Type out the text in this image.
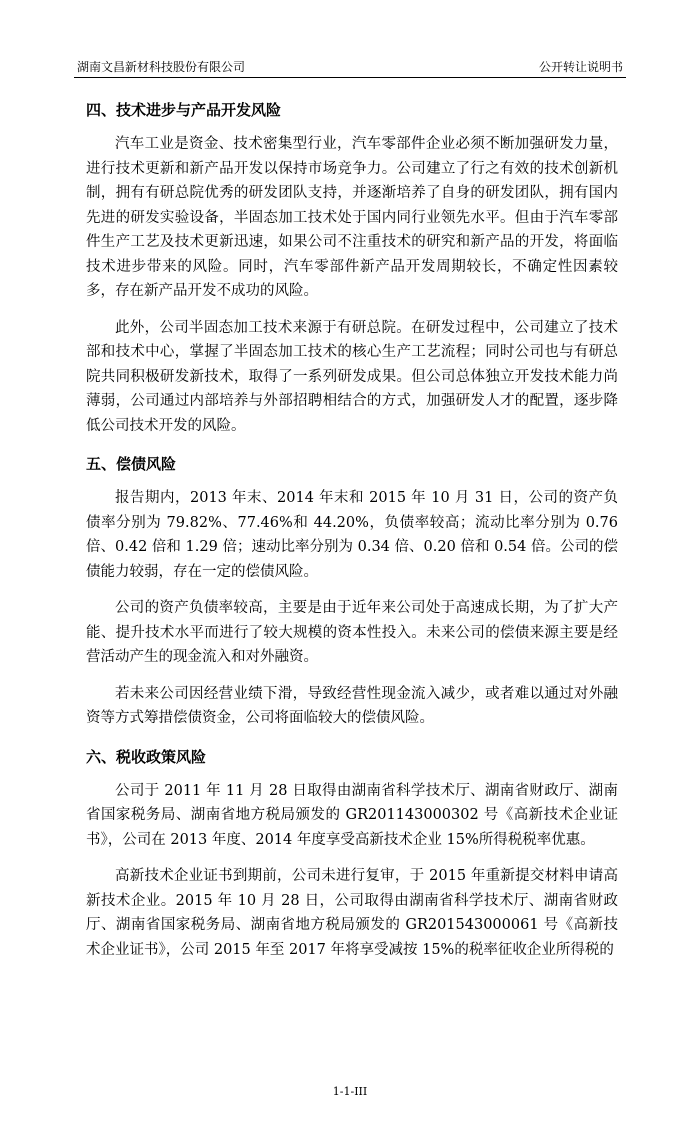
湖南文昌新材科技股份有限公司	公开转让说明书
四、技术进步与产品开发风险

汽车工业是资金、技术密集型行业，汽车零部件企业必须不断加强研发力量，进行技术更新和新产品开发以保持市场竞争力。公司建立了行之有效的技术创新机制，拥有有研总院优秀的研发团队支持，并逐渐培养了自身的研发团队，拥有国内先进的研发实验设备，半固态加工技术处于国内同行业领先水平。但由于汽车零部件生产工艺及技术更新迅速，如果公司不注重技术的研究和新产品的开发，将面临技术进步带来的风险。同时，汽车零部件新产品开发周期较长，不确定性因素较多，存在新产品开发不成功的风险。

此外，公司半固态加工技术来源于有研总院。在研发过程中，公司建立了技术部和技术中心，掌握了半固态加工技术的核心生产工艺流程；同时公司也与有研总院共同积极研发新技术，取得了一系列研发成果。但公司总体独立开发技术能力尚薄弱，公司通过内部培养与外部招聘相结合的方式，加强研发人才的配置，逐步降低公司技术开发的风险。

五、偿债风险

报告期内，2013 年末、2014 年末和 2015 年 10 月 31 日，公司的资产负债率分别为 79.82%、77.46%和 44.20%，负债率较高；流动比率分别为 0.76 倍、0.42 倍和 1.29 倍；速动比率分别为 0.34 倍、0.20 倍和 0.54 倍。公司的偿债能力较弱，存在一定的偿债风险。

公司的资产负债率较高，主要是由于近年来公司处于高速成长期，为了扩大产能、提升技术水平而进行了较大规模的资本性投入。未来公司的偿债来源主要是经营活动产生的现金流入和对外融资。

若未来公司因经营业绩下滑，导致经营性现金流入减少，或者难以通过对外融资等方式筹措偿债资金，公司将面临较大的偿债风险。

六、税收政策风险

公司于 2011 年 11 月 28 日取得由湖南省科学技术厅、湖南省财政厅、湖南省国家税务局、湖南省地方税局颁发的 GR201143000302 号《高新技术企业证书》，公司在 2013 年度、2014 年度享受高新技术企业 15%所得税税率优惠。

高新技术企业证书到期前，公司未进行复审，于 2015 年重新提交材料申请高新技术企业。2015 年 10 月 28 日，公司取得由湖南省科学技术厅、湖南省财政厅、湖南省国家税务局、湖南省地方税局颁发的 GR201543000061 号《高新技术企业证书》，公司 2015 年至 2017 年将享受减按 15%的税率征收企业所得税的

1-1-III
